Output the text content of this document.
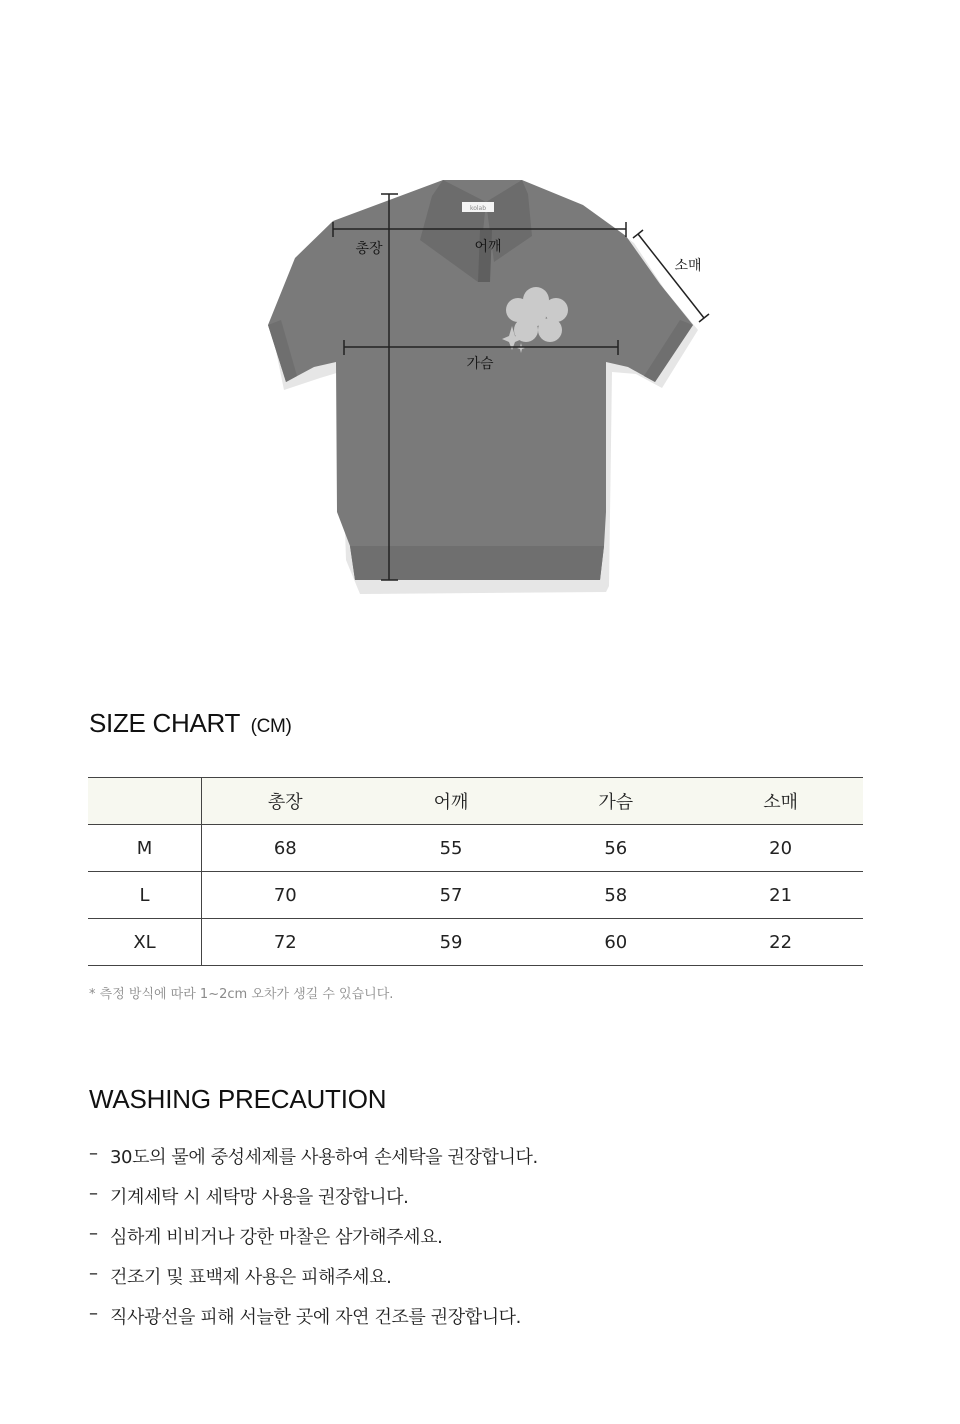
kolab
총장	어깨
소매
가슴
SIZE CHART (CM)
	총장	어깨	가슴	소매
M	68	55	56	20
L	70	57	58	21
XL	72	59	60	22

* 측정 방식에 따라 1~2cm 오차가 생길 수 있습니다.

WASHING PRECAUTION
– 30도의 물에 중성세제를 사용하여 손세탁을 권장합니다.
– 기계세탁 시 세탁망 사용을 권장합니다.
– 심하게 비비거나 강한 마찰은 삼가해주세요.
– 건조기 및 표백제 사용은 피해주세요.
– 직사광선을 피해 서늘한 곳에 자연 건조를 권장합니다.
